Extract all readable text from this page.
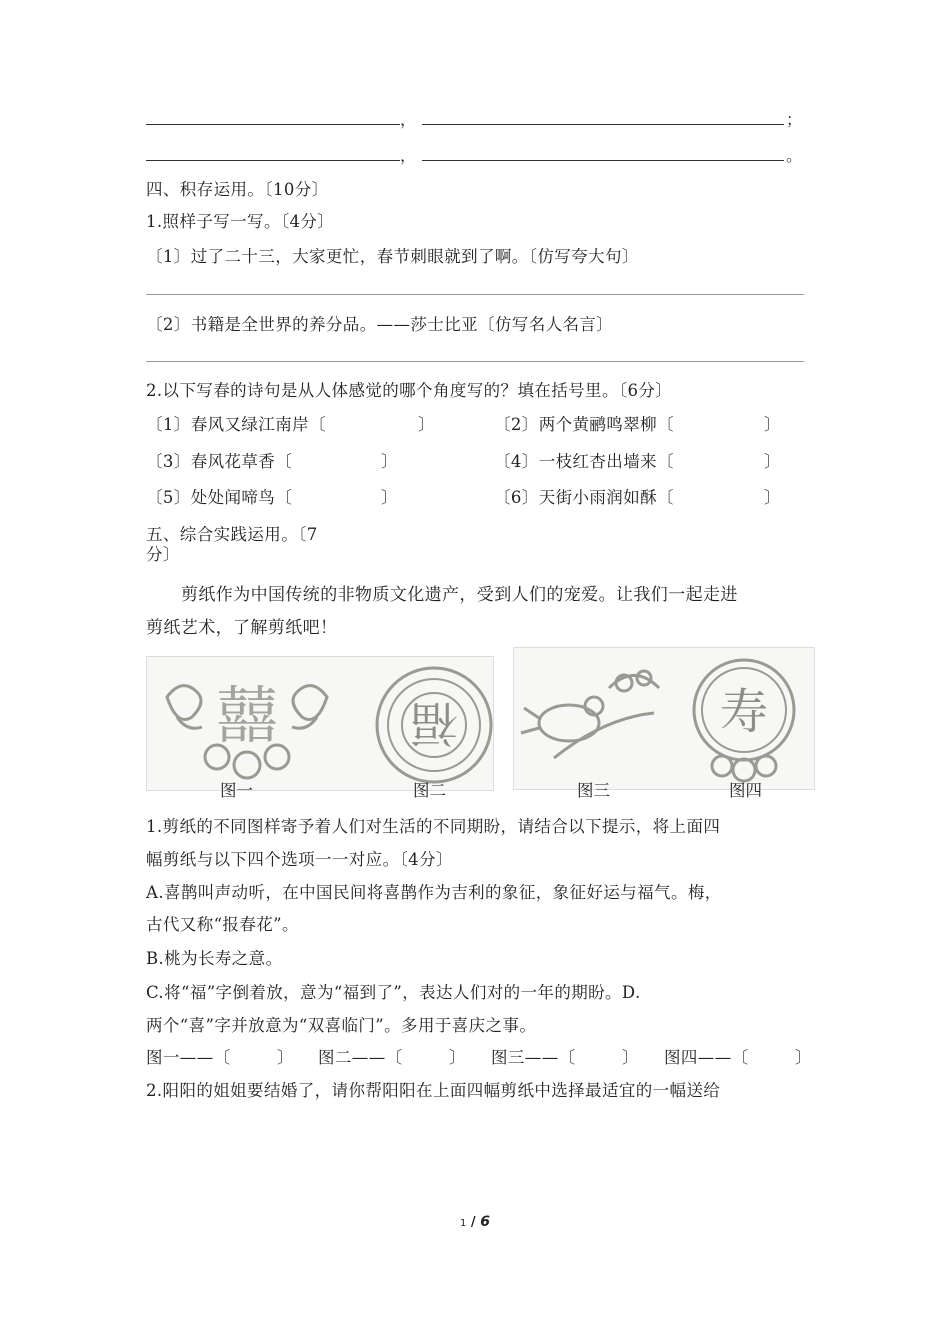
，	；
，	。
四、积存运用。〔10分〕
1.照样子写一写。〔4分〕
〔1〕过了二十三，大家更忙，春节刺眼就到了啊。〔仿写夸大句〕
〔2〕书籍是全世界的养分品。——莎士比亚〔仿写名人名言〕
2.以下写春的诗句是从人体感觉的哪个角度写的？填在括号里。〔6分〕
〔1〕春风又绿江南岸〔	〕	〔2〕两个黄鹂鸣翠柳〔	〕
〔3〕春风花草香〔	〕	〔4〕一枝红杏出墙来〔	〕
〔5〕处处闻啼鸟〔	〕	〔6〕天街小雨润如酥〔	〕
五、综合实践运用。〔7
分〕
剪纸作为中国传统的非物质文化遗产，受到人们的宠爱。让我们一起走进
剪纸艺术，了解剪纸吧！
囍	福	寿
图一	图二	图三	图四
1.剪纸的不同图样寄予着人们对生活的不同期盼，请结合以下提示，将上面四
幅剪纸与以下四个选项一一对应。〔4分〕
A.喜鹊叫声动听，在中国民间将喜鹊作为吉利的象征，象征好运与福气。梅，
古代又称“报春花”。
B.桃为长寿之意。
C.将“福”字倒着放，意为“福到了”，表达人们对的一年的期盼。D.
两个“喜”字并放意为“双喜临门”。多用于喜庆之事。
图一——〔	〕 图二——〔	〕 图三——〔	〕 图四——〔	〕
2.阳阳的姐姐要结婚了，请你帮阳阳在上面四幅剪纸中选择最适宜的一幅送给
1 / 6
